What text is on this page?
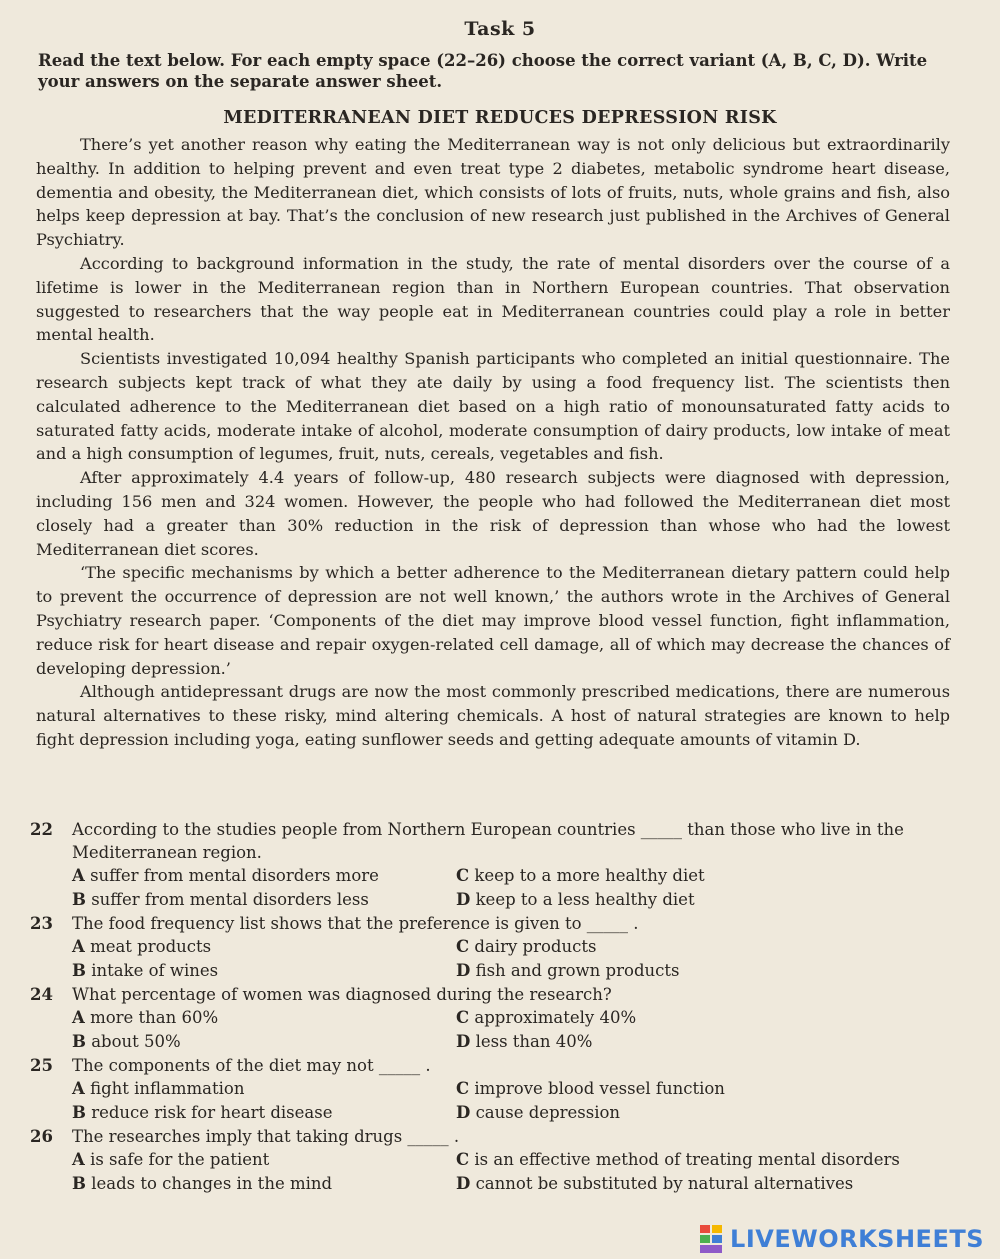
Task 5
Read the text below. For each empty space (22–26) choose the correct variant (A, B, C, D). Write your answers on the separate answer sheet.
MEDITERRANEAN DIET REDUCES DEPRESSION RISK

There’s yet another reason why eating the Mediterranean way is not only delicious but extraordinarily healthy. In addition to helping prevent and even treat type 2 diabetes, metabolic syndrome heart disease, dementia and obesity, the Mediterranean diet, which consists of lots of fruits, nuts, whole grains and fish, also helps keep depression at bay. That’s the conclusion of new research just published in the Archives of General Psychiatry.

According to background information in the study, the rate of mental disorders over the course of a lifetime is lower in the Mediterranean region than in Northern European countries. That observation suggested to researchers that the way people eat in Mediterranean countries could play a role in better mental health.

Scientists investigated 10,094 healthy Spanish participants who completed an initial questionnaire. The research subjects kept track of what they ate daily by using a food frequency list. The scientists then calculated adherence to the Mediterranean diet based on a high ratio of monounsaturated fatty acids to saturated fatty acids, moderate intake of alcohol, moderate consumption of dairy products, low intake of meat and a high consumption of legumes, fruit, nuts, cereals, vegetables and fish.

After approximately 4.4 years of follow-up, 480 research subjects were diagnosed with depression, including 156 men and 324 women. However, the people who had followed the Mediterranean diet most closely had a greater than 30% reduction in the risk of depression than whose who had the lowest Mediterranean diet scores.

‘The specific mechanisms by which a better adherence to the Mediterranean dietary pattern could help to prevent the occurrence of depression are not well known,’ the authors wrote in the Archives of General Psychiatry research paper. ‘Components of the diet may improve blood vessel function, fight inflammation, reduce risk for heart disease and repair oxygen-related cell damage, all of which may decrease the chances of developing depression.’

Although antidepressant drugs are now the most commonly prescribed medications, there are numerous natural alternatives to these risky, mind altering chemicals. A host of natural strategies are known to help fight depression including yoga, eating sunflower seeds and getting adequate amounts of vitamin D.

22	According to the studies people from Northern European countries _____ than those who live in the Mediterranean region.
A suffer from mental disorders more	C keep to a more healthy diet
B suffer from mental disorders less	D keep to a less healthy diet
23	The food frequency list shows that the preference is given to _____ .
A meat products	C dairy products
B intake of wines	D fish and grown products
24	What percentage of women was diagnosed during the research?
A more than 60%	C approximately 40%
B about 50%	D less than 40%
25	The components of the diet may not _____ .
A fight inflammation	C improve blood vessel function
B reduce risk for heart disease	D cause depression
26	The researches imply that taking drugs _____ .
A is safe for the patient	C is an effective method of treating mental disorders
B leads to changes in the mind	D cannot be substituted by natural alternatives
LIVEWORKSHEETS
